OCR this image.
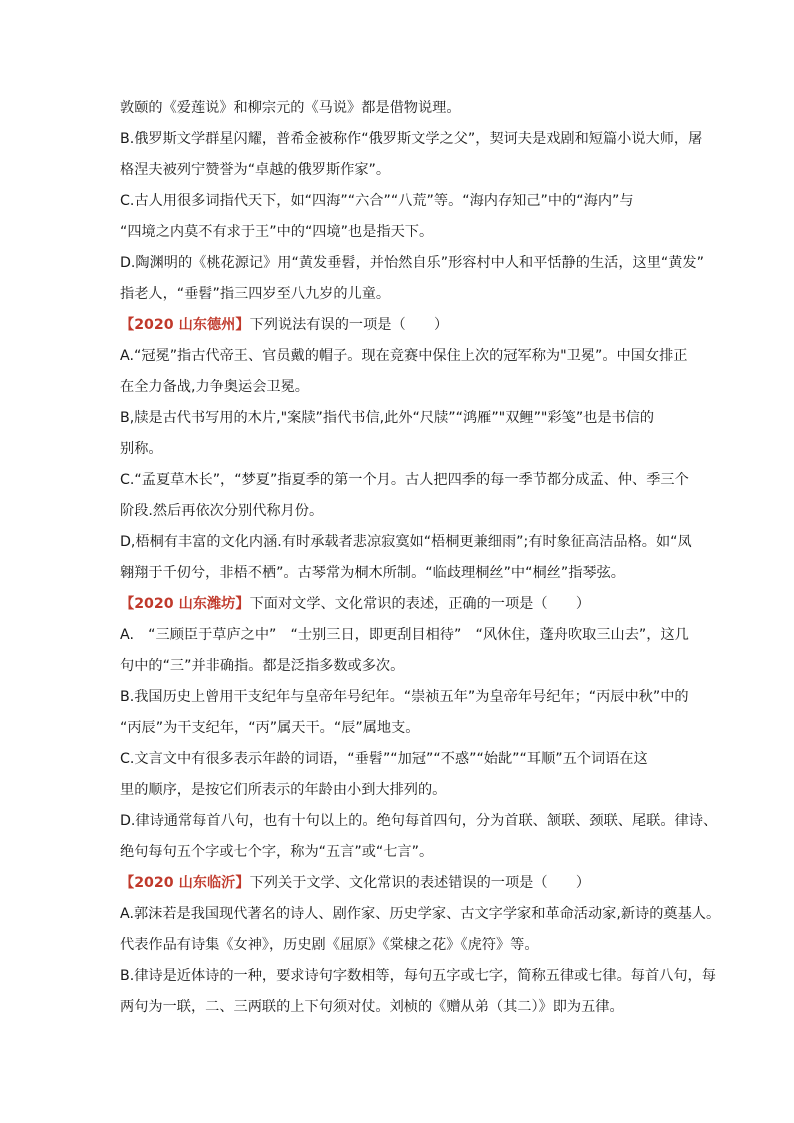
敦颐的《爱莲说》和柳宗元的《马说》都是借物说理。
B.俄罗斯文学群星闪耀，普希金被称作“俄罗斯文学之父”，契诃夫是戏剧和短篇小说大师，屠
格涅夫被列宁赞誉为“卓越的俄罗斯作家”。
C.古人用很多词指代天下，如“四海”“六合”“八荒”等。“海内存知己”中的“海内”与
“四境之内莫不有求于王”中的“四境”也是指天下。
D.陶渊明的《桃花源记》用“黄发垂髫，并怡然自乐”形容村中人和平恬静的生活，这里“黄发”
指老人，“垂髫”指三四岁至八九岁的儿童。
【2020 山东德州】下列说法有误的一项是（　　）
A.“冠冕”指古代帝王、官员戴的帽子。现在竞赛中保住上次的冠军称为"卫冕”。中国女排正
在全力备战,力争奥运会卫冕。
B,牍是古代书写用的木片,"案牍”指代书信,此外“尺牍”“鸿雁”"双鲤”"彩笺”也是书信的
别称。
C.“孟夏草木长”，“梦夏”指夏季的第一个月。古人把四季的每一季节都分成孟、仲、季三个
阶段.然后再依次分别代称月份。
D,梧桐有丰富的文化内涵.有时承载者悲凉寂寞如“梧桐更兼细雨”;有时象征高洁品格。如“凤
翱翔于千仞兮，非梧不栖”。古琴常为桐木所制。“临歧理桐丝”中“桐丝”指琴弦。
【2020 山东潍坊】下面对文学、文化常识的表述，正确的一项是（　　）
A.　“三顾臣于草庐之中”　“士别三日，即更刮目相待”　“风休住，蓬舟吹取三山去”，这几
句中的“三”并非确指。都是泛指多数或多次。
B.我国历史上曾用干支纪年与皇帝年号纪年。“崇祯五年”为皇帝年号纪年；“丙辰中秋”中的
“丙辰”为干支纪年，“丙”属天干。“辰”属地支。
C.文言文中有很多表示年龄的词语，“垂髫”“加冠”“不惑”“始龀”“耳顺”五个词语在这
里的顺序，是按它们所表示的年龄由小到大排列的。
D.律诗通常每首八句，也有十句以上的。绝句每首四句，分为首联、颔联、颈联、尾联。律诗、
绝句每句五个字或七个字，称为“五言”或“七言”。
【2020 山东临沂】下列关于文学、文化常识的表述错误的一项是（　　）
A.郭沫若是我国现代著名的诗人、剧作家、历史学家、古文字学家和革命活动家,新诗的奠基人。
代表作品有诗集《女神》，历史剧《屈原》《棠棣之花》《虎符》等。
B.律诗是近体诗的一种，要求诗句字数相等，每句五字或七字，简称五律或七律。每首八句，每
两句为一联，二、三两联的上下句须对仗。刘桢的《赠从弟（其二）》即为五律。
